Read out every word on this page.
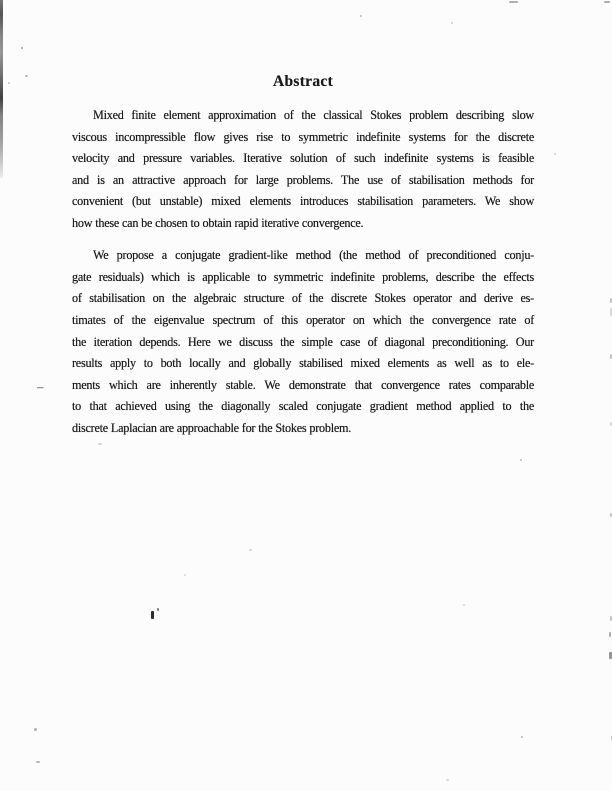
Abstract
Mixed finite element approximation of the classical Stokes problem describing slow
viscous incompressible flow gives rise to symmetric indefinite systems for the discrete
velocity and pressure variables. Iterative solution of such indefinite systems is feasible
and is an attractive approach for large problems. The use of stabilisation methods for
convenient (but unstable) mixed elements introduces stabilisation parameters. We show
how these can be chosen to obtain rapid iterative convergence.
We propose a conjugate gradient-like method (the method of preconditioned conju-
gate residuals) which is applicable to symmetric indefinite problems, describe the effects
of stabilisation on the algebraic structure of the discrete Stokes operator and derive es-
timates of the eigenvalue spectrum of this operator on which the convergence rate of
the iteration depends. Here we discuss the simple case of diagonal preconditioning. Our
results apply to both locally and globally stabilised mixed elements as well as to ele-
ments which are inherently stable. We demonstrate that convergence rates comparable
to that achieved using the diagonally scaled conjugate gradient method applied to the
discrete Laplacian are approachable for the Stokes problem.
–
